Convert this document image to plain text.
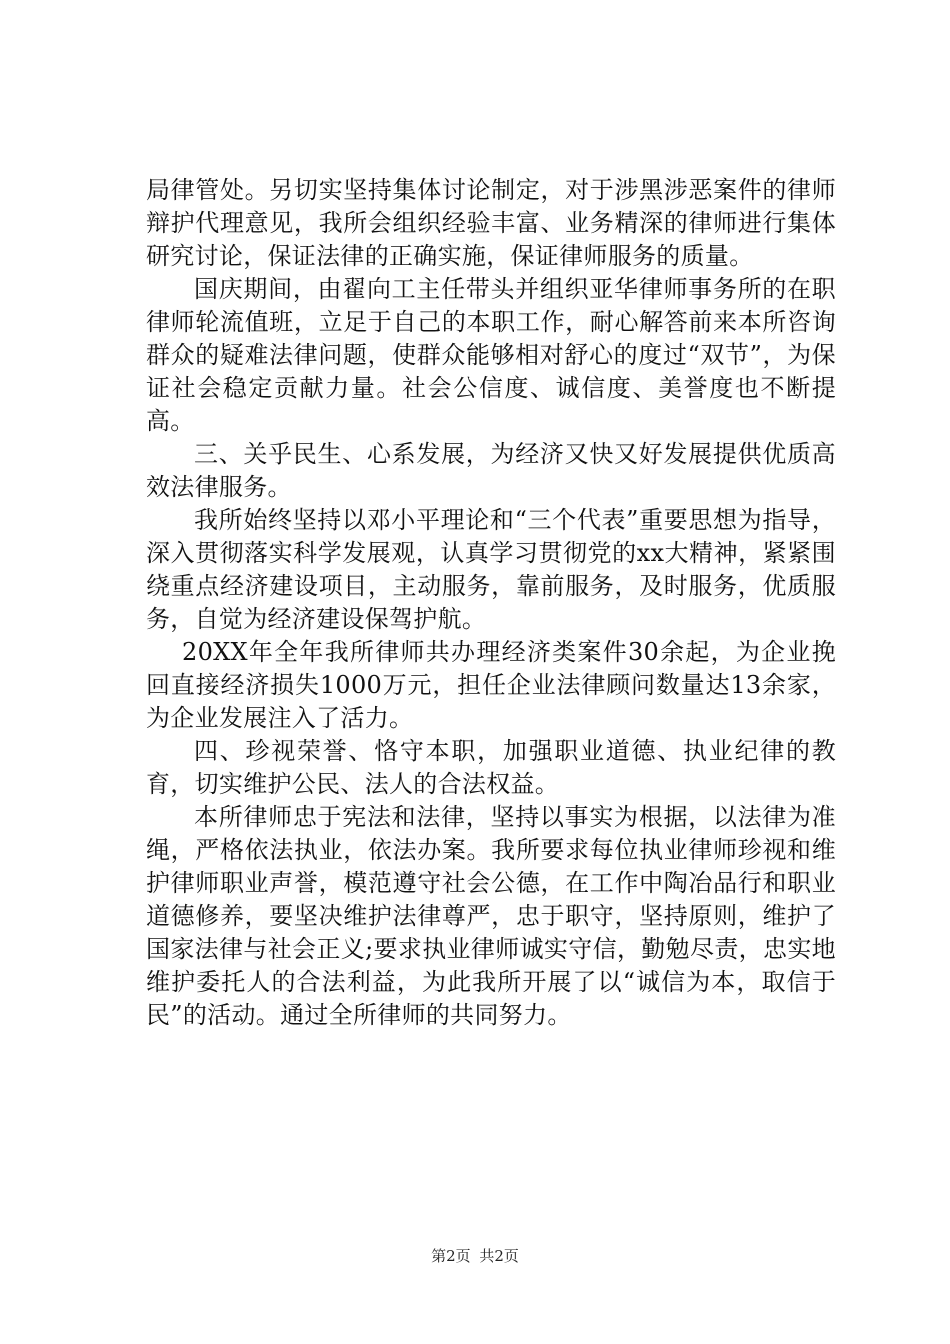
局律管处。另切实坚持集体讨论制定，对于涉黑涉恶案件的律师辩护代理意见，我所会组织经验丰富、业务精深的律师进行集体研究讨论，保证法律的正确实施，保证律师服务的质量。

国庆期间，由翟向工主任带头并组织亚华律师事务所的在职律师轮流值班，立足于自己的本职工作，耐心解答前来本所咨询群众的疑难法律问题，使群众能够相对舒心的度过“双节”，为保证社会稳定贡献力量。社会公信度、诚信度、美誉度也不断提高。

三、关乎民生、心系发展，为经济又快又好发展提供优质高效法律服务。

我所始终坚持以邓小平理论和“三个代表”重要思想为指导，深入贯彻落实科学发展观，认真学习贯彻党的xx大精神，紧紧围绕重点经济建设项目，主动服务，靠前服务，及时服务，优质服务，自觉为经济建设保驾护航。

20XX年全年我所律师共办理经济类案件30余起，为企业挽回直接经济损失1000万元，担任企业法律顾问数量达13余家，为企业发展注入了活力。

四、珍视荣誉、恪守本职，加强职业道德、执业纪律的教育，切实维护公民、法人的合法权益。

本所律师忠于宪法和法律，坚持以事实为根据，以法律为准绳，严格依法执业，依法办案。我所要求每位执业律师珍视和维护律师职业声誉，模范遵守社会公德，在工作中陶冶品行和职业道德修养，要坚决维护法律尊严，忠于职守，坚持原则，维护了国家法律与社会正义;要求执业律师诚实守信，勤勉尽责，忠实地维护委托人的合法利益，为此我所开展了以“诚信为本，取信于民”的活动。通过全所律师的共同努力。

第2页 共2页
